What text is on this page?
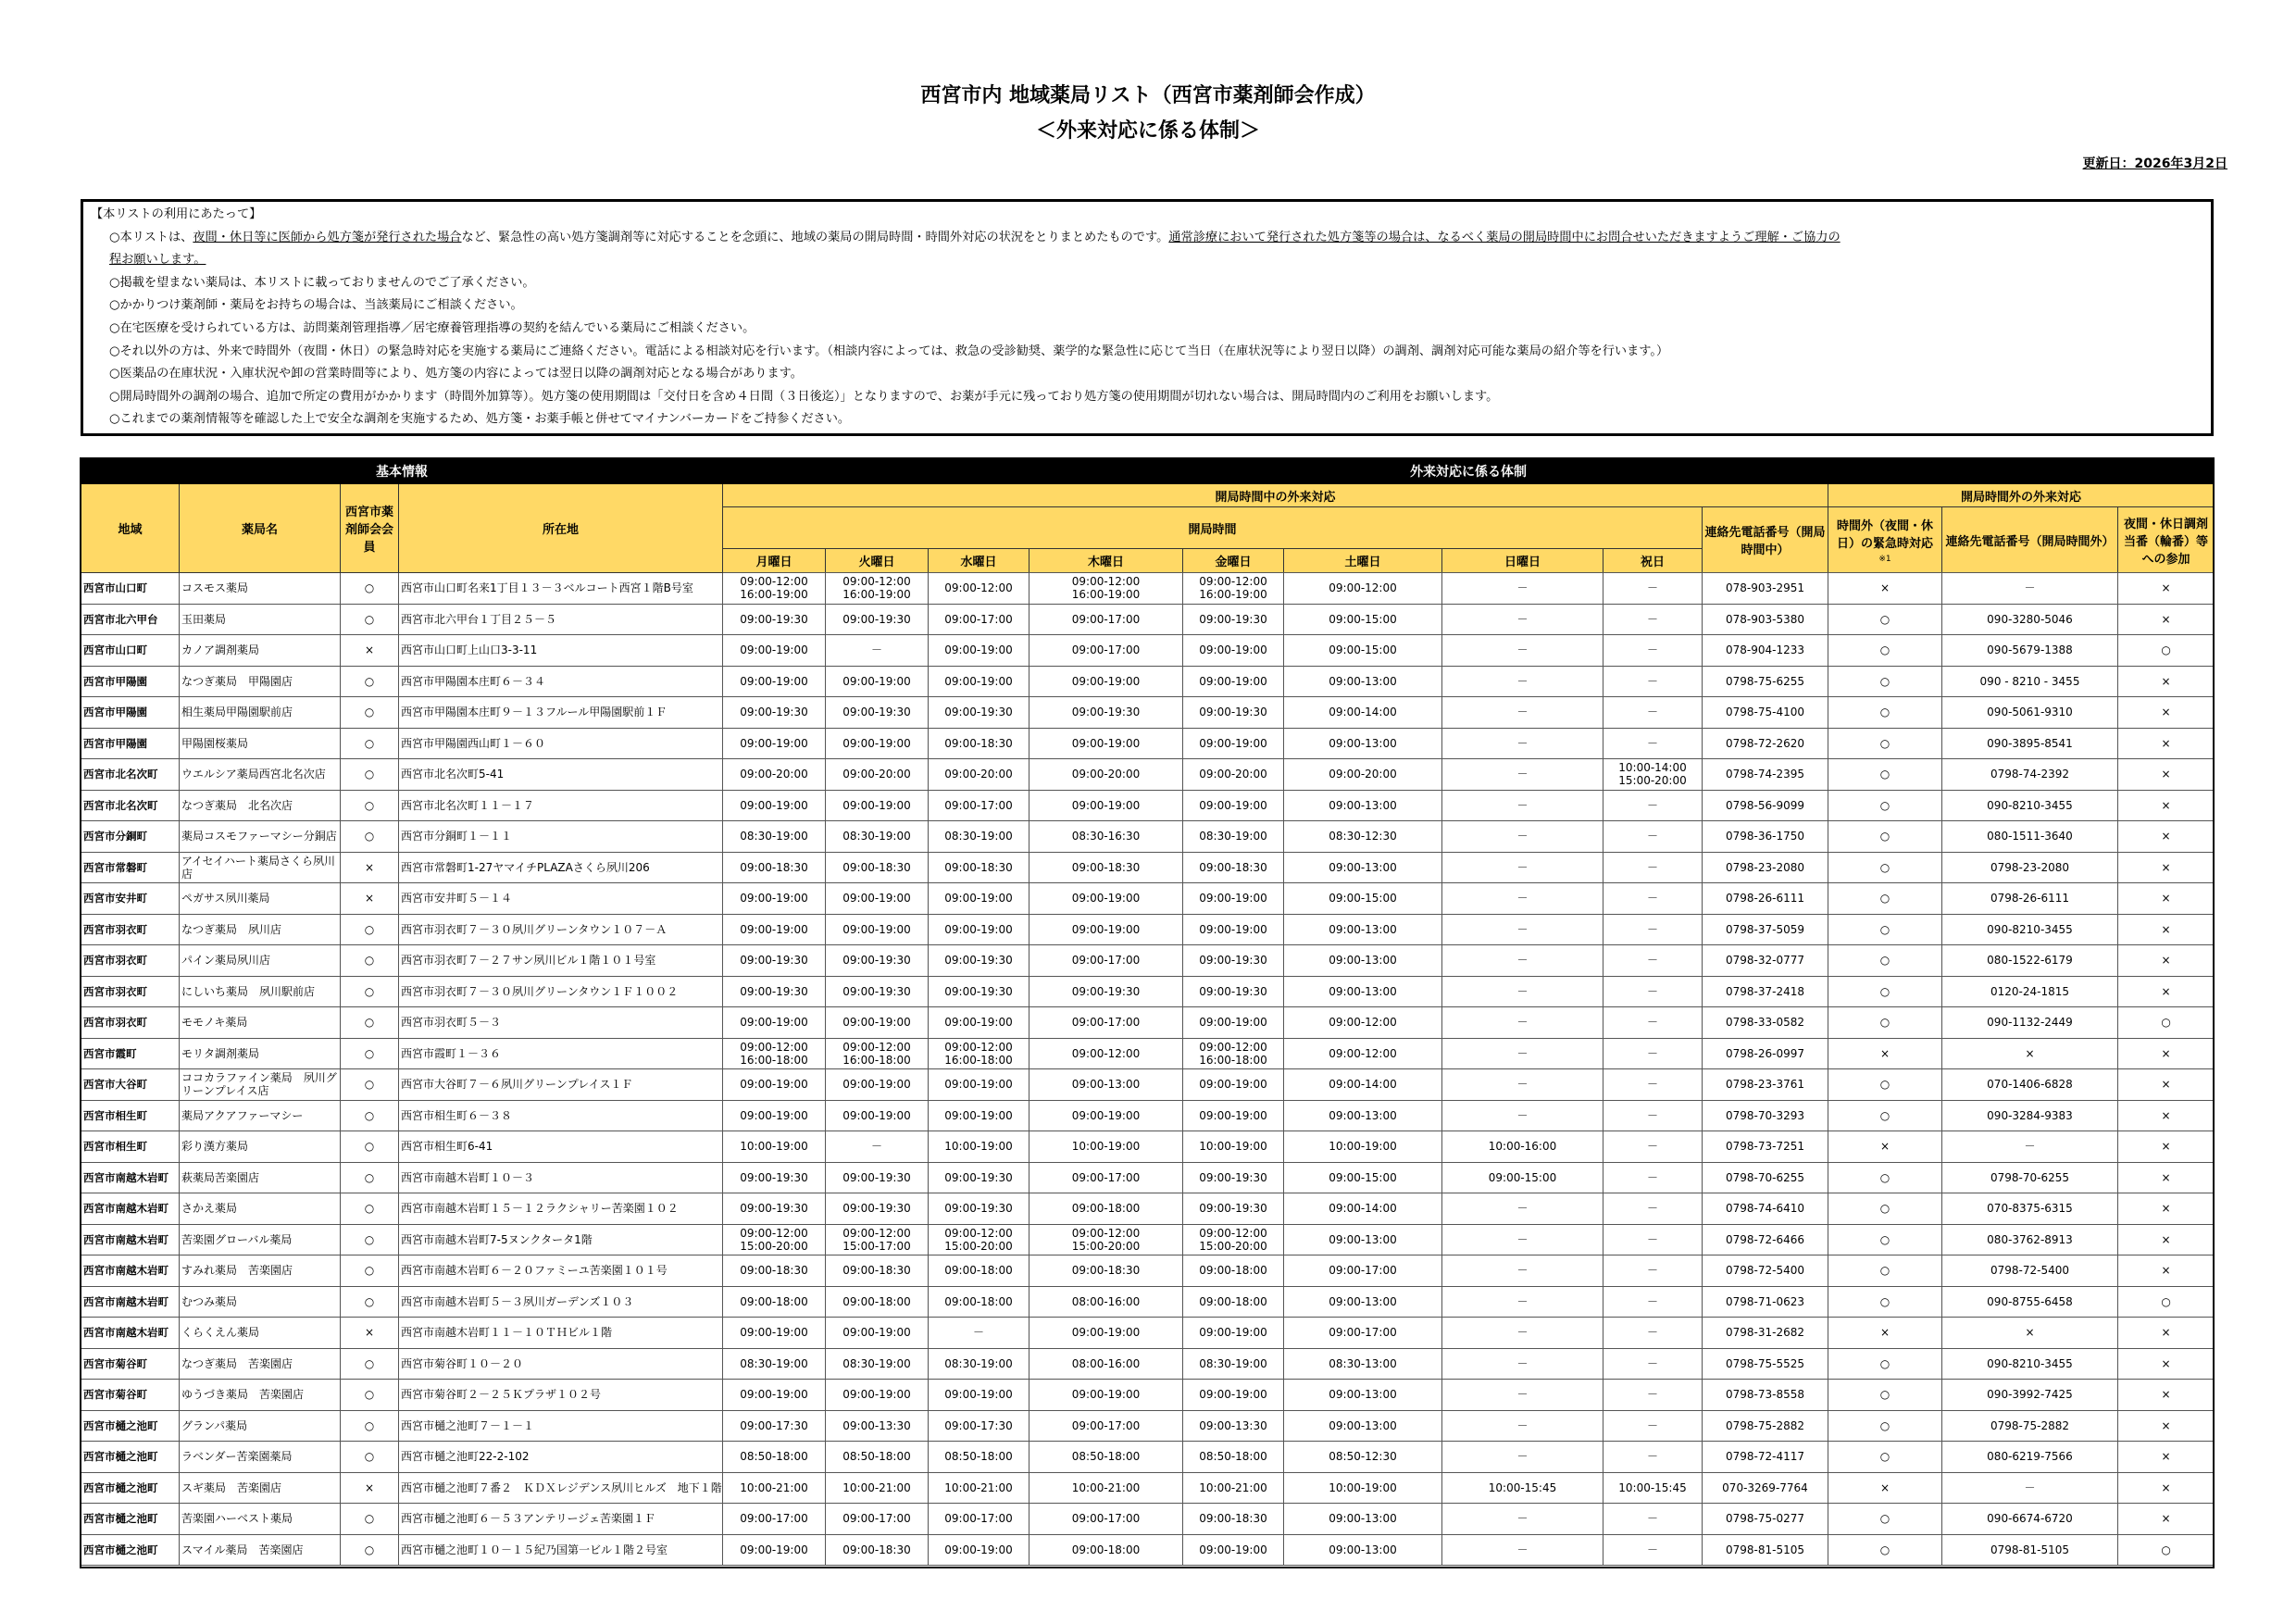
西宮市内 地域薬局リスト（西宮市薬剤師会作成）
＜外来対応に係る体制＞
更新日：2026年3月2日
【本リストの利用にあたって】
○本リストは、夜間・休日等に医師から処方箋が発行された場合など、緊急性の高い処方箋調剤等に対応することを念頭に、地域の薬局の開局時間・時間外対応の状況をとりまとめたものです。通常診療において発行された処方箋等の場合は、なるべく薬局の開局時間中にお問合せいただきますようご理解・ご協力の
程お願いします。
○掲載を望まない薬局は、本リストに載っておりませんのでご了承ください。
○かかりつけ薬剤師・薬局をお持ちの場合は、当該薬局にご相談ください。
○在宅医療を受けられている方は、訪問薬剤管理指導／居宅療養管理指導の契約を結んでいる薬局にご相談ください。
○それ以外の方は、外来で時間外（夜間・休日）の緊急時対応を実施する薬局にご連絡ください。電話による相談対応を行います。（相談内容によっては、救急の受診勧奨、薬学的な緊急性に応じて当日（在庫状況等により翌日以降）の調剤、調剤対応可能な薬局の紹介等を行います。）
○医薬品の在庫状況・入庫状況や卸の営業時間等により、処方箋の内容によっては翌日以降の調剤対応となる場合があります。
○開局時間外の調剤の場合、追加で所定の費用がかかります（時間外加算等）。処方箋の使用期間は「交付日を含め４日間（３日後迄）」となりますので、お薬が手元に残っており処方箋の使用期間が切れない場合は、開局時間内のご利用をお願いします。
○これまでの薬剤情報等を確認した上で安全な調剤を実施するため、処方箋・お薬手帳と併せてマイナンバーカードをご持参ください。
基本情報				外来対応に係る体制											
地域	薬局名	西宮市薬剤師会会員	所在地	開局時間中の外来対応									開局時間外の外来対応		
				開局時間								連絡先電話番号（開局時間中）	時間外（夜間・休日）の緊急時対応
※1	連絡先電話番号（開局時間外）	夜間・休日調剤当番（輪番）等への参加
				月曜日	火曜日	水曜日	木曜日	金曜日	土曜日	日曜日	祝日				

西宮市山口町	コスモス薬局	○	西宮市山口町名来1丁目１３－３ベルコート西宮１階B号室	09:00-12:00
16:00-19:00	09:00-12:00
16:00-19:00	09:00-12:00	09:00-12:00
16:00-19:00	09:00-12:00
16:00-19:00	09:00-12:00	－	－	078-903-2951	×	－	×
西宮市北六甲台	玉田薬局	○	西宮市北六甲台１丁目２５－５	09:00-19:30	09:00-19:30	09:00-17:00	09:00-17:00	09:00-19:30	09:00-15:00	－	－	078-903-5380	○	090-3280-5046	×
西宮市山口町	カノア調剤薬局	×	西宮市山口町上山口3-3-11	09:00-19:00	－	09:00-19:00	09:00-17:00	09:00-19:00	09:00-15:00	－	－	078-904-1233	○	090-5679-1388	○
西宮市甲陽園	なつぎ薬局　甲陽園店	○	西宮市甲陽園本庄町６－３４	09:00-19:00	09:00-19:00	09:00-19:00	09:00-19:00	09:00-19:00	09:00-13:00	－	－	0798-75-6255	○	090 - 8210 - 3455	×
西宮市甲陽園	相生薬局甲陽園駅前店	○	西宮市甲陽園本庄町９－１３フルール甲陽園駅前１Ｆ	09:00-19:30	09:00-19:30	09:00-19:30	09:00-19:30	09:00-19:30	09:00-14:00	－	－	0798-75-4100	○	090-5061-9310	×
西宮市甲陽園	甲陽園桜薬局	○	西宮市甲陽園西山町１－６０	09:00-19:00	09:00-19:00	09:00-18:30	09:00-19:00	09:00-19:00	09:00-13:00	－	－	0798-72-2620	○	090-3895-8541	×
西宮市北名次町	ウエルシア薬局西宮北名次店	○	西宮市北名次町5-41	09:00-20:00	09:00-20:00	09:00-20:00	09:00-20:00	09:00-20:00	09:00-20:00	－	10:00-14:00
15:00-20:00	0798-74-2395	○	0798-74-2392	×
西宮市北名次町	なつぎ薬局　北名次店	○	西宮市北名次町１１－１７	09:00-19:00	09:00-19:00	09:00-17:00	09:00-19:00	09:00-19:00	09:00-13:00	－	－	0798-56-9099	○	090-8210-3455	×
西宮市分銅町	薬局コスモファーマシー分銅店	○	西宮市分銅町１－１１	08:30-19:00	08:30-19:00	08:30-19:00	08:30-16:30	08:30-19:00	08:30-12:30	－	－	0798-36-1750	○	080-1511-3640	×
西宮市常磐町	アイセイハート薬局さくら夙川店	×	西宮市常磐町1-27ヤマイチPLAZAさくら夙川206	09:00-18:30	09:00-18:30	09:00-18:30	09:00-18:30	09:00-18:30	09:00-13:00	－	－	0798-23-2080	○	0798-23-2080	×
西宮市安井町	ペガサス夙川薬局	×	西宮市安井町５－１４	09:00-19:00	09:00-19:00	09:00-19:00	09:00-19:00	09:00-19:00	09:00-15:00	－	－	0798-26-6111	○	0798-26-6111	×
西宮市羽衣町	なつぎ薬局　夙川店	○	西宮市羽衣町７－３０夙川グリーンタウン１０７－Ａ	09:00-19:00	09:00-19:00	09:00-19:00	09:00-19:00	09:00-19:00	09:00-13:00	－	－	0798-37-5059	○	090-8210-3455	×
西宮市羽衣町	パイン薬局夙川店	○	西宮市羽衣町７－２７サン夙川ビル１階１０１号室	09:00-19:30	09:00-19:30	09:00-19:30	09:00-17:00	09:00-19:30	09:00-13:00	－	－	0798-32-0777	○	080-1522-6179	×
西宮市羽衣町	にしいち薬局　夙川駅前店	○	西宮市羽衣町７－３０夙川グリーンタウン１Ｆ１００２	09:00-19:30	09:00-19:30	09:00-19:30	09:00-19:30	09:00-19:30	09:00-13:00	－	－	0798-37-2418	○	0120-24-1815	×
西宮市羽衣町	モモノキ薬局	○	西宮市羽衣町５－３	09:00-19:00	09:00-19:00	09:00-19:00	09:00-17:00	09:00-19:00	09:00-12:00	－	－	0798-33-0582	○	090-1132-2449	○
西宮市霞町	モリタ調剤薬局	○	西宮市霞町１－３６	09:00-12:00
16:00-18:00	09:00-12:00
16:00-18:00	09:00-12:00
16:00-18:00	09:00-12:00	09:00-12:00
16:00-18:00	09:00-12:00	－	－	0798-26-0997	×	×	×
西宮市大谷町	ココカラファイン薬局　夙川グリーンプレイス店	○	西宮市大谷町７－６夙川グリーンプレイス１Ｆ	09:00-19:00	09:00-19:00	09:00-19:00	09:00-13:00	09:00-19:00	09:00-14:00	－	－	0798-23-3761	○	070-1406-6828	×
西宮市相生町	薬局アクアファーマシー	○	西宮市相生町６－３８	09:00-19:00	09:00-19:00	09:00-19:00	09:00-19:00	09:00-19:00	09:00-13:00	－	－	0798-70-3293	○	090-3284-9383	×
西宮市相生町	彩り漢方薬局	○	西宮市相生町6-41	10:00-19:00	－	10:00-19:00	10:00-19:00	10:00-19:00	10:00-19:00	10:00-16:00	－	0798-73-7251	×	－	×
西宮市南越木岩町	萩薬局苦楽園店	○	西宮市南越木岩町１０－３	09:00-19:30	09:00-19:30	09:00-19:30	09:00-17:00	09:00-19:30	09:00-15:00	09:00-15:00	－	0798-70-6255	○	0798-70-6255	×
西宮市南越木岩町	さかえ薬局	○	西宮市南越木岩町１５－１２ラクシャリー苦楽園１０２	09:00-19:30	09:00-19:30	09:00-19:30	09:00-18:00	09:00-19:30	09:00-14:00	－	－	0798-74-6410	○	070-8375-6315	×
西宮市南越木岩町	苦楽園グローバル薬局	○	西宮市南越木岩町7-5ヌンクタータ1階	09:00-12:00
15:00-20:00	09:00-12:00
15:00-17:00	09:00-12:00
15:00-20:00	09:00-12:00
15:00-20:00	09:00-12:00
15:00-20:00	09:00-13:00	－	－	0798-72-6466	○	080-3762-8913	×
西宮市南越木岩町	すみれ薬局　苦楽園店	○	西宮市南越木岩町６－２０ファミーユ苦楽園１０１号	09:00-18:30	09:00-18:30	09:00-18:00	09:00-18:30	09:00-18:00	09:00-17:00	－	－	0798-72-5400	○	0798-72-5400	×
西宮市南越木岩町	むつみ薬局	○	西宮市南越木岩町５－３夙川ガーデンズ１０３	09:00-18:00	09:00-18:00	09:00-18:00	08:00-16:00	09:00-18:00	09:00-13:00	－	－	0798-71-0623	○	090-8755-6458	○
西宮市南越木岩町	くらくえん薬局	×	西宮市南越木岩町１１－１０ＴＨビル１階	09:00-19:00	09:00-19:00	－	09:00-19:00	09:00-19:00	09:00-17:00	－	－	0798-31-2682	×	×	×
西宮市菊谷町	なつぎ薬局　苦楽園店	○	西宮市菊谷町１０－２０	08:30-19:00	08:30-19:00	08:30-19:00	08:00-16:00	08:30-19:00	08:30-13:00	－	－	0798-75-5525	○	090-8210-3455	×
西宮市菊谷町	ゆうづき薬局　苦楽園店	○	西宮市菊谷町２－２５Ｋプラザ１０２号	09:00-19:00	09:00-19:00	09:00-19:00	09:00-19:00	09:00-19:00	09:00-13:00	－	－	0798-73-8558	○	090-3992-7425	×
西宮市樋之池町	グランパ薬局	○	西宮市樋之池町７－１－１	09:00-17:30	09:00-13:30	09:00-17:30	09:00-17:00	09:00-13:30	09:00-13:00	－	－	0798-75-2882	○	0798-75-2882	×
西宮市樋之池町	ラベンダー苦楽園薬局	○	西宮市樋之池町22-2-102	08:50-18:00	08:50-18:00	08:50-18:00	08:50-18:00	08:50-18:00	08:50-12:30	－	－	0798-72-4117	○	080-6219-7566	×
西宮市樋之池町	スギ薬局　苦楽園店	×	西宮市樋之池町７番２　ＫＤＸレジデンス夙川ヒルズ　地下１階	10:00-21:00	10:00-21:00	10:00-21:00	10:00-21:00	10:00-21:00	10:00-19:00	10:00-15:45	10:00-15:45	070-3269-7764	×	－	×
西宮市樋之池町	苦楽園ハーベスト薬局	○	西宮市樋之池町６－５３アンテリージェ苦楽園１Ｆ	09:00-17:00	09:00-17:00	09:00-17:00	09:00-17:00	09:00-18:30	09:00-13:00	－	－	0798-75-0277	○	090-6674-6720	×
西宮市樋之池町	スマイル薬局　苦楽園店	○	西宮市樋之池町１０－１５紀乃国第一ビル１階２号室	09:00-19:00	09:00-18:30	09:00-19:00	09:00-18:00	09:00-19:00	09:00-13:00	－	－	0798-81-5105	○	0798-81-5105	○
